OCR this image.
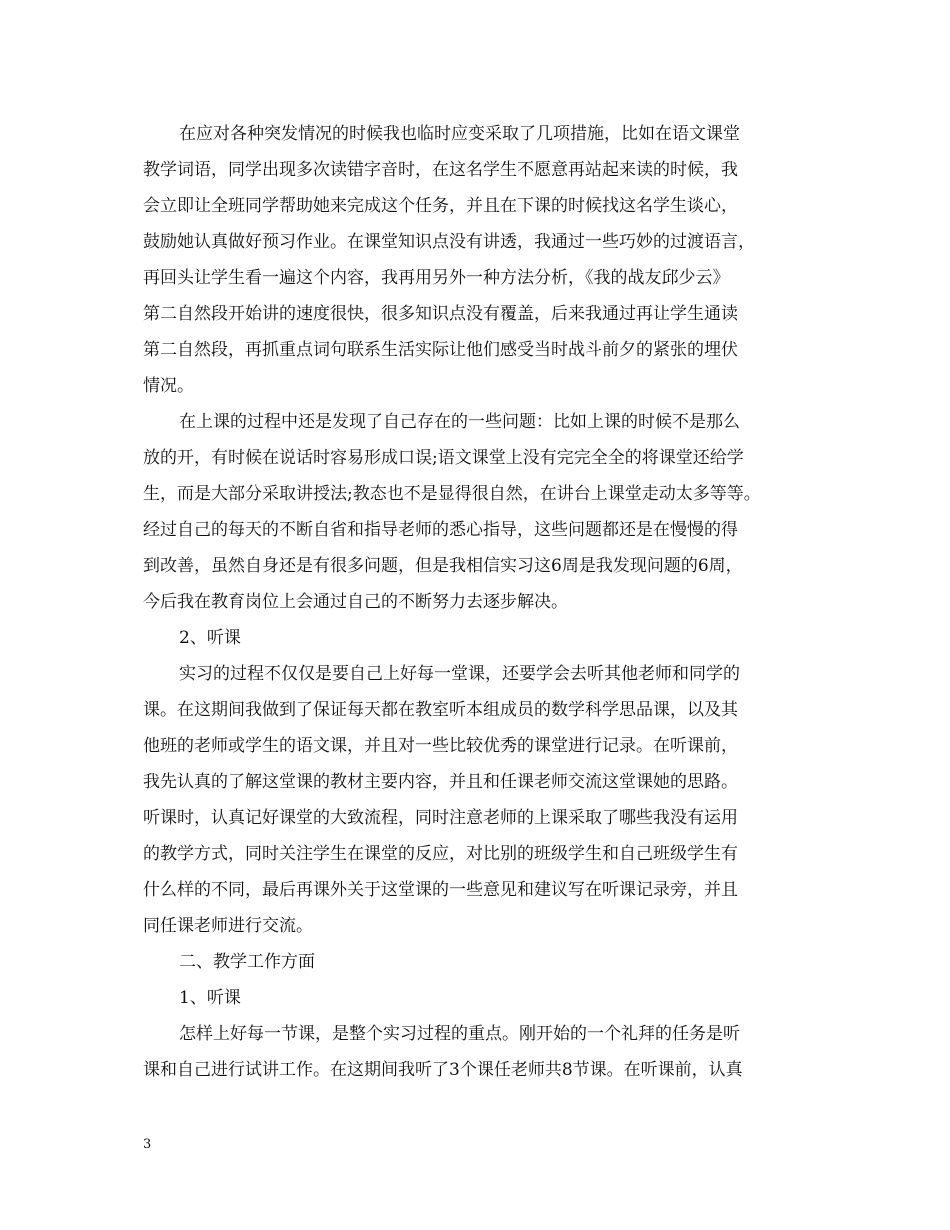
在应对各种突发情况的时候我也临时应变采取了几项措施，比如在语文课堂
教学词语，同学出现多次读错字音时，在这名学生不愿意再站起来读的时候，我
会立即让全班同学帮助她来完成这个任务，并且在下课的时候找这名学生谈心，
鼓励她认真做好预习作业。在课堂知识点没有讲透，我通过一些巧妙的过渡语言，
再回头让学生看一遍这个内容，我再用另外一种方法分析，《我的战友邱少云》
第二自然段开始讲的速度很快，很多知识点没有覆盖，后来我通过再让学生通读
第二自然段，再抓重点词句联系生活实际让他们感受当时战斗前夕的紧张的埋伏
情况。
在上课的过程中还是发现了自己存在的一些问题：比如上课的时候不是那么
放的开，有时候在说话时容易形成口误;语文课堂上没有完完全全的将课堂还给学
生，而是大部分采取讲授法;教态也不是显得很自然，在讲台上课堂走动太多等等。
经过自己的每天的不断自省和指导老师的悉心指导，这些问题都还是在慢慢的得
到改善，虽然自身还是有很多问题，但是我相信实习这6周是我发现问题的6周，
今后我在教育岗位上会通过自己的不断努力去逐步解决。
2、听课
实习的过程不仅仅是要自己上好每一堂课，还要学会去听其他老师和同学的
课。在这期间我做到了保证每天都在教室听本组成员的数学科学思品课，以及其
他班的老师或学生的语文课，并且对一些比较优秀的课堂进行记录。在听课前，
我先认真的了解这堂课的教材主要内容，并且和任课老师交流这堂课她的思路。
听课时，认真记好课堂的大致流程，同时注意老师的上课采取了哪些我没有运用
的教学方式，同时关注学生在课堂的反应，对比别的班级学生和自己班级学生有
什么样的不同，最后再课外关于这堂课的一些意见和建议写在听课记录旁，并且
同任课老师进行交流。
二、教学工作方面
1、听课
怎样上好每一节课，是整个实习过程的重点。刚开始的一个礼拜的任务是听
课和自己进行试讲工作。在这期间我听了3个课任老师共8节课。在听课前，认真
3
